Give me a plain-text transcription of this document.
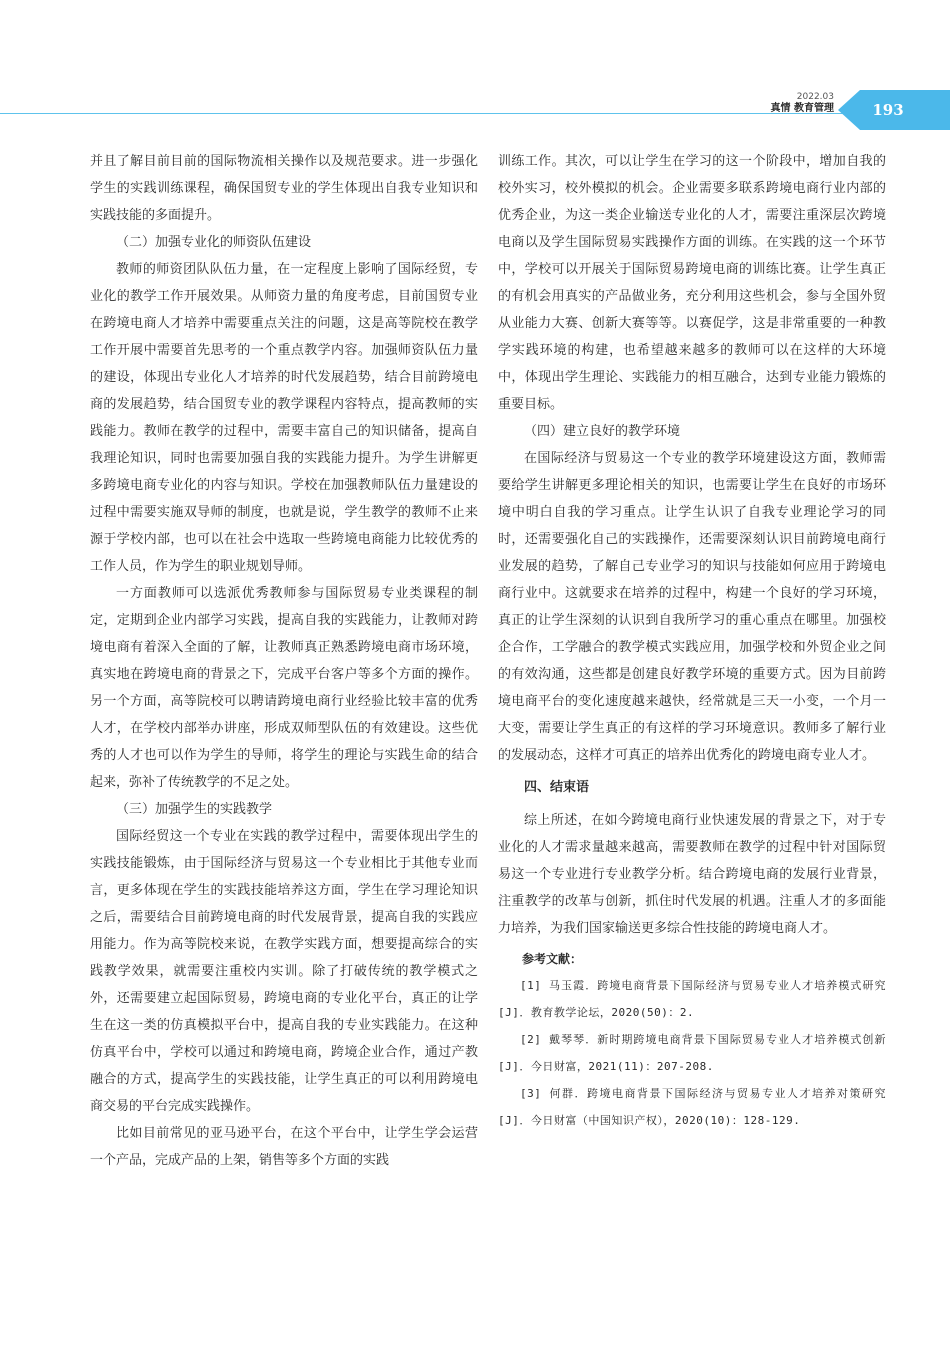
2022.03
真情 教育管理	193

并且了解目前目前的国际物流相关操作以及规范要求。进一步强化学生的实践训练课程，确保国贸专业的学生体现出自我专业知识和实践技能的多面提升。

（二）加强专业化的师资队伍建设

教师的师资团队队伍力量，在一定程度上影响了国际经贸，专业化的教学工作开展效果。从师资力量的角度考虑，目前国贸专业在跨境电商人才培养中需要重点关注的问题，这是高等院校在教学工作开展中需要首先思考的一个重点教学内容。加强师资队伍力量的建设，体现出专业化人才培养的时代发展趋势，结合目前跨境电商的发展趋势，结合国贸专业的教学课程内容特点，提高教师的实践能力。教师在教学的过程中，需要丰富自己的知识储备，提高自我理论知识，同时也需要加强自我的实践能力提升。为学生讲解更多跨境电商专业化的内容与知识。学校在加强教师队伍力量建设的过程中需要实施双导师的制度，也就是说，学生教学的教师不止来源于学校内部，也可以在社会中选取一些跨境电商能力比较优秀的工作人员，作为学生的职业规划导师。

一方面教师可以选派优秀教师参与国际贸易专业类课程的制定，定期到企业内部学习实践，提高自我的实践能力，让教师对跨境电商有着深入全面的了解，让教师真正熟悉跨境电商市场环境，真实地在跨境电商的背景之下，完成平台客户等多个方面的操作。另一个方面，高等院校可以聘请跨境电商行业经验比较丰富的优秀人才，在学校内部举办讲座，形成双师型队伍的有效建设。这些优秀的人才也可以作为学生的导师，将学生的理论与实践生命的结合起来，弥补了传统教学的不足之处。

（三）加强学生的实践教学

国际经贸这一个专业在实践的教学过程中，需要体现出学生的实践技能锻炼，由于国际经济与贸易这一个专业相比于其他专业而言，更多体现在学生的实践技能培养这方面，学生在学习理论知识之后，需要结合目前跨境电商的时代发展背景，提高自我的实践应用能力。作为高等院校来说，在教学实践方面，想要提高综合的实践教学效果，就需要注重校内实训。除了打破传统的教学模式之外，还需要建立起国际贸易，跨境电商的专业化平台，真正的让学生在这一类的仿真模拟平台中，提高自我的专业实践能力。在这种仿真平台中，学校可以通过和跨境电商，跨境企业合作，通过产教融合的方式，提高学生的实践技能，让学生真正的可以利用跨境电商交易的平台完成实践操作。

比如目前常见的亚马逊平台，在这个平台中，让学生学会运营一个产品，完成产品的上架，销售等多个方面的实践

训练工作。其次，可以让学生在学习的这一个阶段中，增加自我的校外实习，校外模拟的机会。企业需要多联系跨境电商行业内部的优秀企业，为这一类企业输送专业化的人才，需要注重深层次跨境电商以及学生国际贸易实践操作方面的训练。在实践的这一个环节中，学校可以开展关于国际贸易跨境电商的训练比赛。让学生真正的有机会用真实的产品做业务，充分利用这些机会，参与全国外贸从业能力大赛、创新大赛等等。以赛促学，这是非常重要的一种教学实践环境的构建，也希望越来越多的教师可以在这样的大环境中，体现出学生理论、实践能力的相互融合，达到专业能力锻炼的重要目标。

（四）建立良好的教学环境

在国际经济与贸易这一个专业的教学环境建设这方面，教师需要给学生讲解更多理论相关的知识，也需要让学生在良好的市场环境中明白自我的学习重点。让学生认识了自我专业理论学习的同时，还需要强化自己的实践操作，还需要深刻认识目前跨境电商行业发展的趋势，了解自己专业学习的知识与技能如何应用于跨境电商行业中。这就要求在培养的过程中，构建一个良好的学习环境，真正的让学生深刻的认识到自我所学习的重心重点在哪里。加强校企合作，工学融合的教学模式实践应用，加强学校和外贸企业之间的有效沟通，这些都是创建良好教学环境的重要方式。因为目前跨境电商平台的变化速度越来越快，经常就是三天一小变，一个月一大变，需要让学生真正的有这样的学习环境意识。教师多了解行业的发展动态，这样才可真正的培养出优秀化的跨境电商专业人才。

四、结束语

综上所述，在如今跨境电商行业快速发展的背景之下，对于专业化的人才需求量越来越高，需要教师在教学的过程中针对国际贸易这一个专业进行专业教学分析。结合跨境电商的发展行业背景，注重教学的改革与创新，抓住时代发展的机遇。注重人才的多面能力培养，为我们国家输送更多综合性技能的跨境电商人才。

参考文献：

[1] 马玉霞．跨境电商背景下国际经济与贸易专业人才培养模式研究 [J]．教育教学论坛，2020(50)：2.

[2] 戴琴琴．新时期跨境电商背景下国际贸易专业人才培养模式创新 [J]．今日财富，2021(11)：207-208.

[3] 何群．跨境电商背景下国际经济与贸易专业人才培养对策研究 [J]．今日财富（中国知识产权），2020(10)：128-129.
